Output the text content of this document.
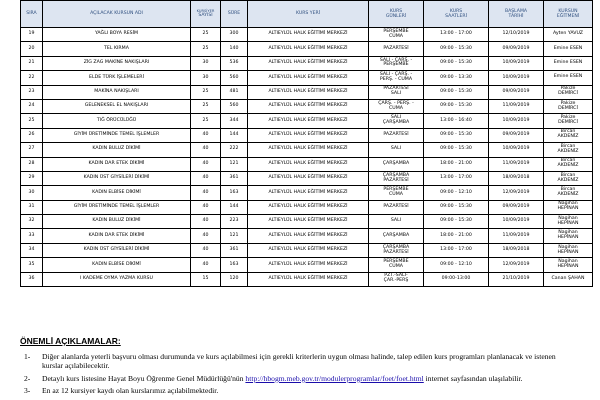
SIRA	AÇILACAK KURSUN ADI	KURSİYER
SAYISI	SÜRE	KURS YERİ	KURS
GÜNLERİ	KURS
SAATLERİ	BAŞLAMA
TARİHİ	KURSUN
EĞİTMENİ

19	YAĞLI BOYA RESİM	25	300	ALTIEYLÜL HALK EĞİTİMİ MERKEZİ	PERŞEMBE
CUMA	13:00 - 17:00	12/10/2019	Ayten YAVUZ

20	TEL KIRMA	25	140	ALTIEYLÜL HALK EĞİTİMİ MERKEZİ	PAZARTESİ	09:00 - 15:30	09/09/2019	Emine ESEN

21	ZİG ZAG MAKİNE NAKIŞLARI	30	536	ALTIEYLÜL HALK EĞİTİMİ MERKEZİ	SALI - ÇARŞ. -
PERŞEMBE	09:00 - 15:30	10/09/2019	Emine ESEN

22	ELDE TÜRK İŞLEMELERİ	30	560	ALTIEYLÜL HALK EĞİTİMİ MERKEZİ	SALI - ÇARŞ. -
PERŞ. - CUMA	09:00 - 13:30	10/09/2019	Emine ESEN

23	MAKİNA NAKIŞLARI	25	481	ALTIEYLÜL HALK EĞİTİMİ MERKEZİ	PAZARTESİ
SALI	09:00 - 15:30	09/09/2019	Pakize
DEMİRCİ

24	GELENEKSEL EL NAKIŞLARI	25	560	ALTIEYLÜL HALK EĞİTİMİ MERKEZİ	ÇARŞ. - PERŞ. -
CUMA	09:00 - 15:30	11/09/2019	Pakize
DEMİRCİ

25	TIĞ ÖRÜCÜLÜĞÜ	25	344	ALTIEYLÜL HALK EĞİTİMİ MERKEZİ	SALI
ÇARŞAMBA	13:00 - 16:40	10/09/2019	Pakize
DEMİRCİ

26	GİYİM ÜRETİMİNDE TEMEL İŞLEMLER	40	144	ALTIEYLÜL HALK EĞİTİMİ MERKEZİ	PAZARTESİ	09:00 - 15:30	09/09/2019	Bircan
AKDENİZ

27	KADIN BULUZ DİKİMİ	40	222	ALTIEYLÜL HALK EĞİTİMİ MERKEZİ	SALI	09:00 - 15:30	10/09/2019	Bircan
AKDENİZ

28	KADIN DAR ETEK DİKİMİ	40	121	ALTIEYLÜL HALK EĞİTİMİ MERKEZİ	ÇARŞAMBA	18:00 - 21:00	11/09/2019	Bircan
AKDENİZ

29	KADIN ÜST GİYSİLERİ DİKİMİ	40	361	ALTIEYLÜL HALK EĞİTİMİ MERKEZİ	ÇARŞAMBA
PAZARTESİ	13:00 - 17:00	18/09/2018	Bircan
AKDENİZ

30	KADIN ELBİSE DİKİMİ	40	163	ALTIEYLÜL HALK EĞİTİMİ MERKEZİ	PERŞEMBE
CUMA	09:00 - 12:10	12/09/2019	Bircan
AKDENİZ

31	GİYİM ÜRETİMİNDE TEMEL İŞLEMLER	40	144	ALTIEYLÜL HALK EĞİTİMİ MERKEZİ	PAZARTESİ	09:00 - 15:30	09/09/2019	Nagihan
HEPİNAN

32	KADIN BULUZ DİKİMİ	40	223	ALTIEYLÜL HALK EĞİTİMİ MERKEZİ	SALI	09:00 - 15:30	10/09/2019	Nagihan
HEPİNAN

33	KADIN DAR ETEK DİKİMİ	40	121	ALTIEYLÜL HALK EĞİTİMİ MERKEZİ	ÇARŞAMBA	18:00 - 21:00	11/09/2019	Nagihan
HEPİNAN

34	KADIN ÜST GİYSİLERİ DİKİMİ	40	361	ALTIEYLÜL HALK EĞİTİMİ MERKEZİ	ÇARŞAMBA
PAZARTESİ	13:00 - 17:00	18/09/2018	Nagihan
HEPİNAN

35	KADIN ELBİSE DİKİMİ	40	163	ALTIEYLÜL HALK EĞİTİMİ MERKEZİ	PERŞEMBE
CUMA	09:00 - 12:10	12/09/2019	Nagihan
HEPİNAN

36	I KADEME OYMA YAZMA KURSU	15	120	ALTIEYLÜL HALK EĞİTİMİ MERKEZİ	PZT.-SALI-
ÇAR.-PERŞ	09:00-13:00	21/10/2019	Canan ŞAHAN
ÖNEMLİ AÇIKLAMALAR:
1-	Diğer alanlarda yeterli başvuru olması durumunda ve kurs açılabilmesi için gerekli kriterlerin uygun olması halinde, talep edilen kurs programları planlanacak ve istenen kurslar açılabilecektir.
2-	Detaylı kurs listesine Hayat Boyu Öğrenme Genel Müdürlüğü'nün http://hbogm.meb.gov.tr/modulerprogramlar/foet/foet.html internet sayfasından ulaşılabilir.
3-	En az 12 kursiyer kaydı olan kurslarımız açılabilmektedir.
